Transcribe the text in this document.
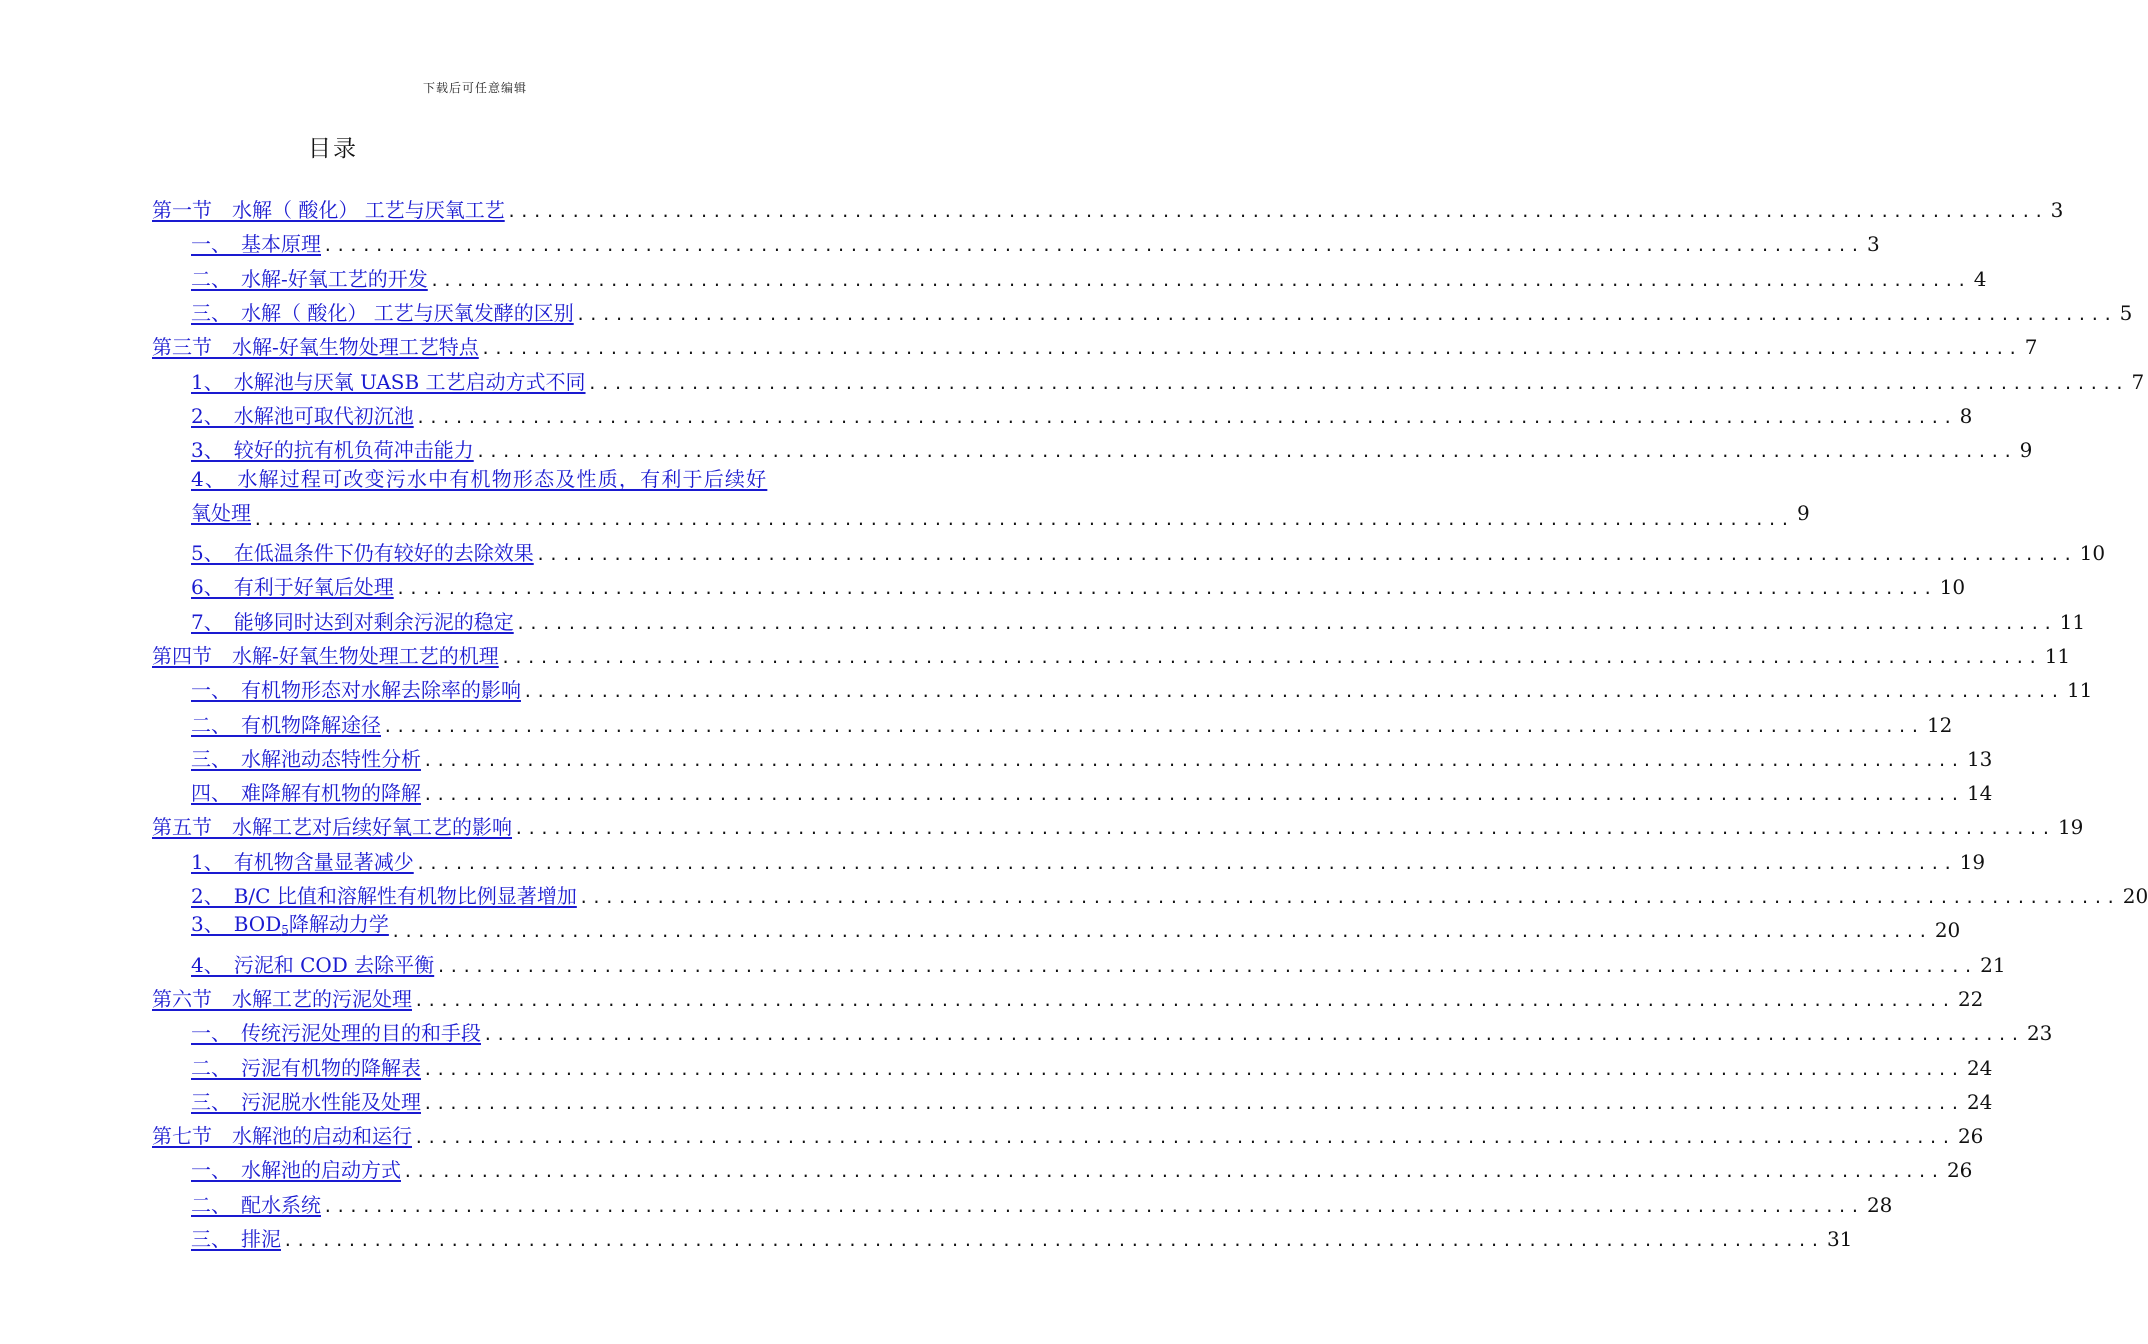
下载后可任意编辑
目录
第一节　水解（ 酸化） 工艺与厌氧工艺 ........................................................................................................................ 3
一、　基本原理 ........................................................................................................................ 3
二、　水解-好氧工艺的开发 ........................................................................................................................ 4
三、　水解（ 酸化） 工艺与厌氧发酵的区别 ........................................................................................................................ 5
第三节　水解-好氧生物处理工艺特点 ........................................................................................................................ 7
1、　水解池与厌氧 UASB 工艺启动方式不同 ........................................................................................................................ 7
2、　水解池可取代初沉池 ........................................................................................................................ 8
3、　较好的抗有机负荷冲击能力 ........................................................................................................................ 9
4、　水解过程可改变污水中有机物形态及性质，有利于后续好
氧处理 ........................................................................................................................ 9
5、　在低温条件下仍有较好的去除效果 ........................................................................................................................ 10
6、　有利于好氧后处理 ........................................................................................................................ 10
7、　能够同时达到对剩余污泥的稳定 ........................................................................................................................ 11
第四节　水解-好氧生物处理工艺的机理 ........................................................................................................................ 11
一、　有机物形态对水解去除率的影响 ........................................................................................................................ 11
二、　有机物降解途径 ........................................................................................................................ 12
三、　水解池动态特性分析 ........................................................................................................................ 13
四、　难降解有机物的降解 ........................................................................................................................ 14
第五节　水解工艺对后续好氧工艺的影响 ........................................................................................................................ 19
1、　有机物含量显著减少 ........................................................................................................................ 19
2、　B/C 比值和溶解性有机物比例显著增加 ........................................................................................................................ 20
3、　$BOD_5$降解动力学 ........................................................................................................................ 20
4、　污泥和 COD 去除平衡 ........................................................................................................................ 21
第六节　水解工艺的污泥处理 ........................................................................................................................ 22
一、　传统污泥处理的目的和手段 ........................................................................................................................ 23
二、　污泥有机物的降解表 ........................................................................................................................ 24
三、　污泥脱水性能及处理 ........................................................................................................................ 24
第七节　水解池的启动和运行 ........................................................................................................................ 26
一、　水解池的启动方式 ........................................................................................................................ 26
二、　配水系统 ........................................................................................................................ 28
三、　排泥 ........................................................................................................................ 31
